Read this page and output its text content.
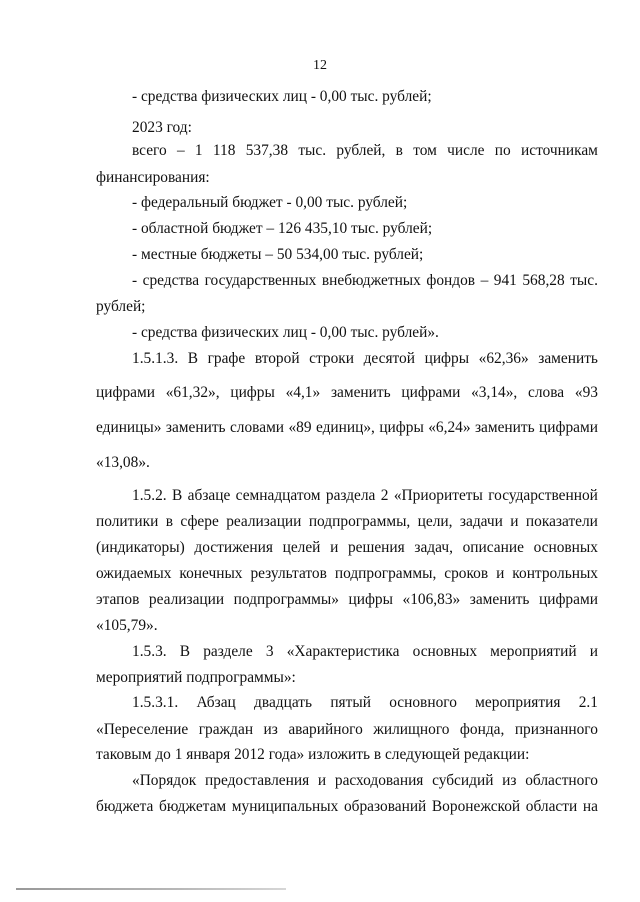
12
- средства физических лиц - 0,00 тыс. рублей;
2023 год:
всего – 1 118 537,38 тыс. рублей, в том числе по источникам
финансирования:
- федеральный бюджет - 0,00 тыс. рублей;
- областной бюджет – 126 435,10 тыс. рублей;
- местные бюджеты – 50 534,00 тыс. рублей;
- средства государственных внебюджетных фондов – 941 568,28 тыс.
рублей;
- средства физических лиц - 0,00 тыс. рублей».
1.5.1.3. В графе второй строки десятой цифры «62,36» заменить
цифрами «61,32», цифры «4,1» заменить цифрами «3,14», слова «93
единицы» заменить словами «89 единиц», цифры «6,24» заменить цифрами
«13,08».
1.5.2. В абзаце семнадцатом раздела 2 «Приоритеты государственной
политики в сфере реализации подпрограммы, цели, задачи и показатели
(индикаторы) достижения целей и решения задач, описание основных
ожидаемых конечных результатов подпрограммы, сроков и контрольных
этапов реализации подпрограммы» цифры «106,83» заменить цифрами
«105,79».
1.5.3. В разделе 3 «Характеристика основных мероприятий и
мероприятий подпрограммы»:
1.5.3.1. Абзац двадцать пятый основного мероприятия 2.1
«Переселение граждан из аварийного жилищного фонда, признанного
таковым до 1 января 2012 года» изложить в следующей редакции:
«Порядок предоставления и расходования субсидий из областного
бюджета бюджетам муниципальных образований Воронежской области на
